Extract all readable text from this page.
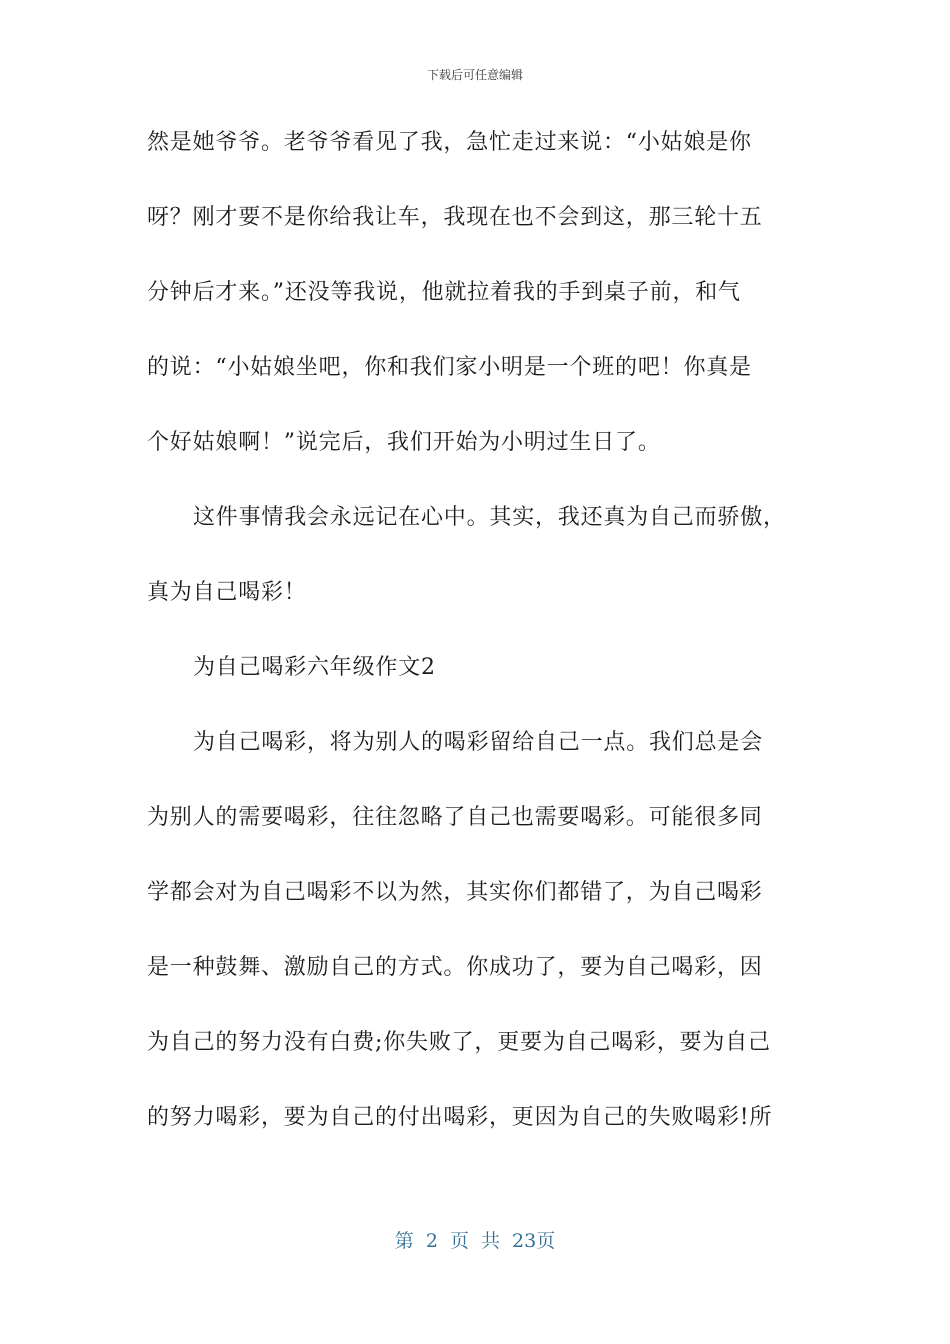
下载后可任意编辑
然是她爷爷。老爷爷看见了我，急忙走过来说：“小姑娘是你
呀？刚才要不是你给我让车，我现在也不会到这，那三轮十五
分钟后才来。”还没等我说，他就拉着我的手到桌子前，和气
的说：“小姑娘坐吧，你和我们家小明是一个班的吧！你真是
个好姑娘啊！”说完后，我们开始为小明过生日了。
这件事情我会永远记在心中。其实，我还真为自己而骄傲，
真为自己喝彩！
为自己喝彩六年级作文2
为自己喝彩，将为别人的喝彩留给自己一点。我们总是会
为别人的需要喝彩，往往忽略了自己也需要喝彩。可能很多同
学都会对为自己喝彩不以为然，其实你们都错了，为自己喝彩
是一种鼓舞、激励自己的方式。你成功了，要为自己喝彩，因
为自己的努力没有白费;你失败了，更要为自己喝彩，要为自己
的努力喝彩，要为自己的付出喝彩，更因为自己的失败喝彩!所
第 2 页 共 23页
